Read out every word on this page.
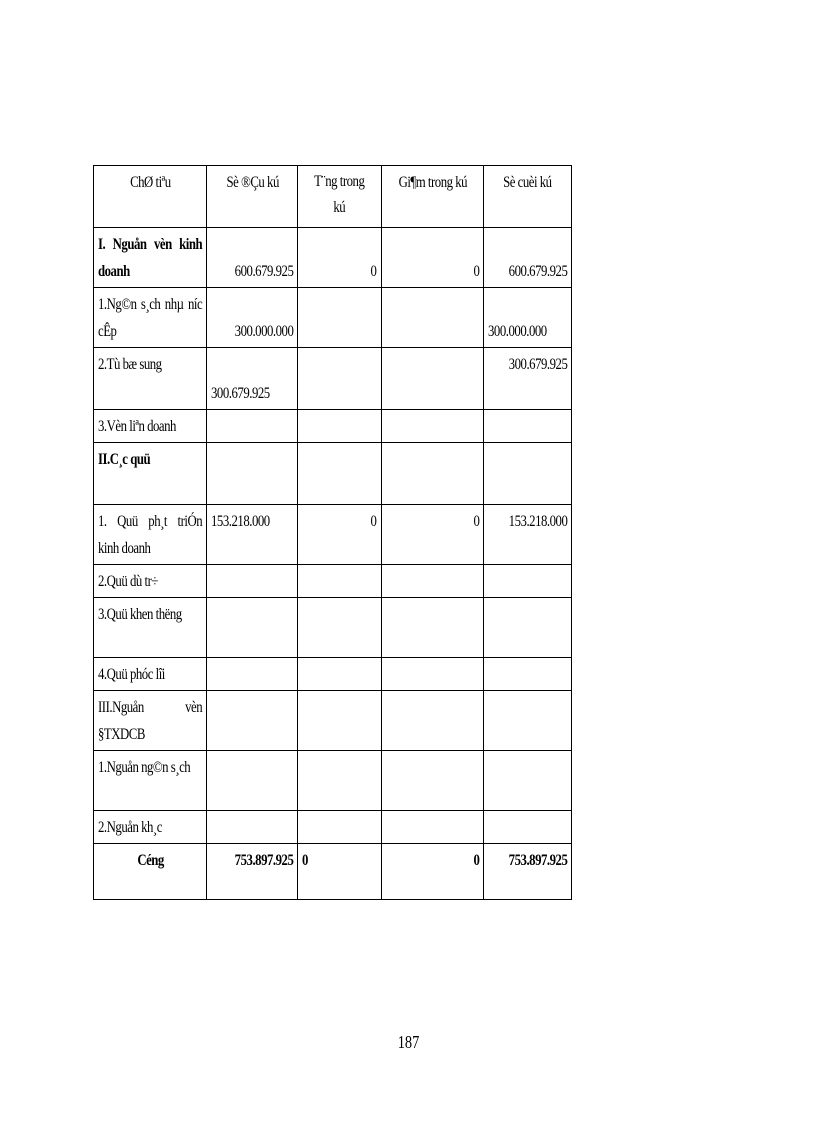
ChØ tiªu	Sè ®Çu kú	T¨ng trong kú	Gi¶m trong kú	Sè cuèi kú
I. Nguån vèn kinh doanh	600.679.925	0	0	600.679.925
1.Ng©n s¸ch nhµ níc cÊp	300.000.000			300.000.000
2.Tù bæ sung	300.679.925			300.679.925
3.Vèn liªn doanh				
II.C¸c quü				
1. Quü ph¸t triÓn kinh doanh	153.218.000	0	0	153.218.000
2.Quü dù tr÷				
3.Quü khen thëng				
4.Quü phóc lîi				
III.Nguån vèn §TXDCB				
1.Nguån ng©n s¸ch				
2.Nguån kh¸c				
Céng	753.897.925	0	0	753.897.925
187
